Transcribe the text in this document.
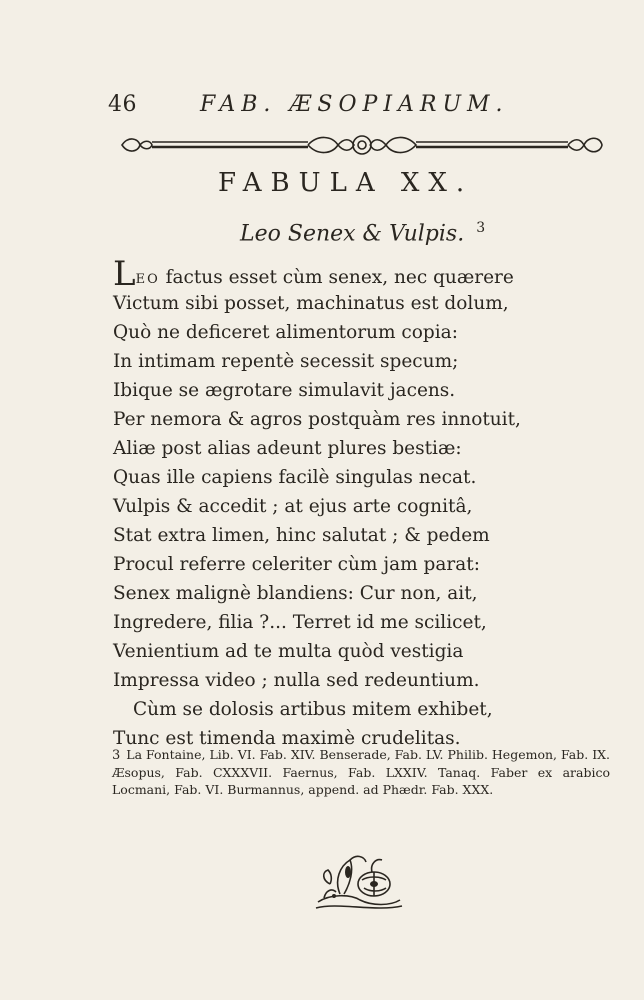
46	FAB. ÆSOPIARUM.
FABULA XX.
Leo Senex & Vulpis. $^3$
LEO factus esset cùm senex, nec quærere
Victum sibi posset, machinatus est dolum,
Quò ne deficeret alimentorum copia:
In intimam repentè secessit specum;
Ibique se ægrotare simulavit jacens.
Per nemora & agros postquàm res innotuit,
Aliæ post alias adeunt plures bestiæ:
Quas ille capiens facilè singulas necat.
Vulpis & accedit ; at ejus arte cognitâ,
Stat extra limen, hinc salutat ; & pedem
Procul referre celeriter cùm jam parat:
Senex malignè blandiens: Cur non, ait,
Ingredere, filia ?... Terret id me scilicet,
Venientium ad te multa quòd vestigia
Impressa video ; nulla sed redeuntium.
Cùm se dolosis artibus mitem exhibet,
Tunc est timenda maximè crudelitas.
3 La Fontaine, Lib. VI. Fab. XIV. Benserade, Fab. LV. Philib. Hegemon, Fab. IX. Æsopus, Fab. CXXXVII. Faernus, Fab. LXXIV. Tanaq. Faber ex arabico Locmani, Fab. VI. Burmannus, append. ad Phædr. Fab. XXX.
